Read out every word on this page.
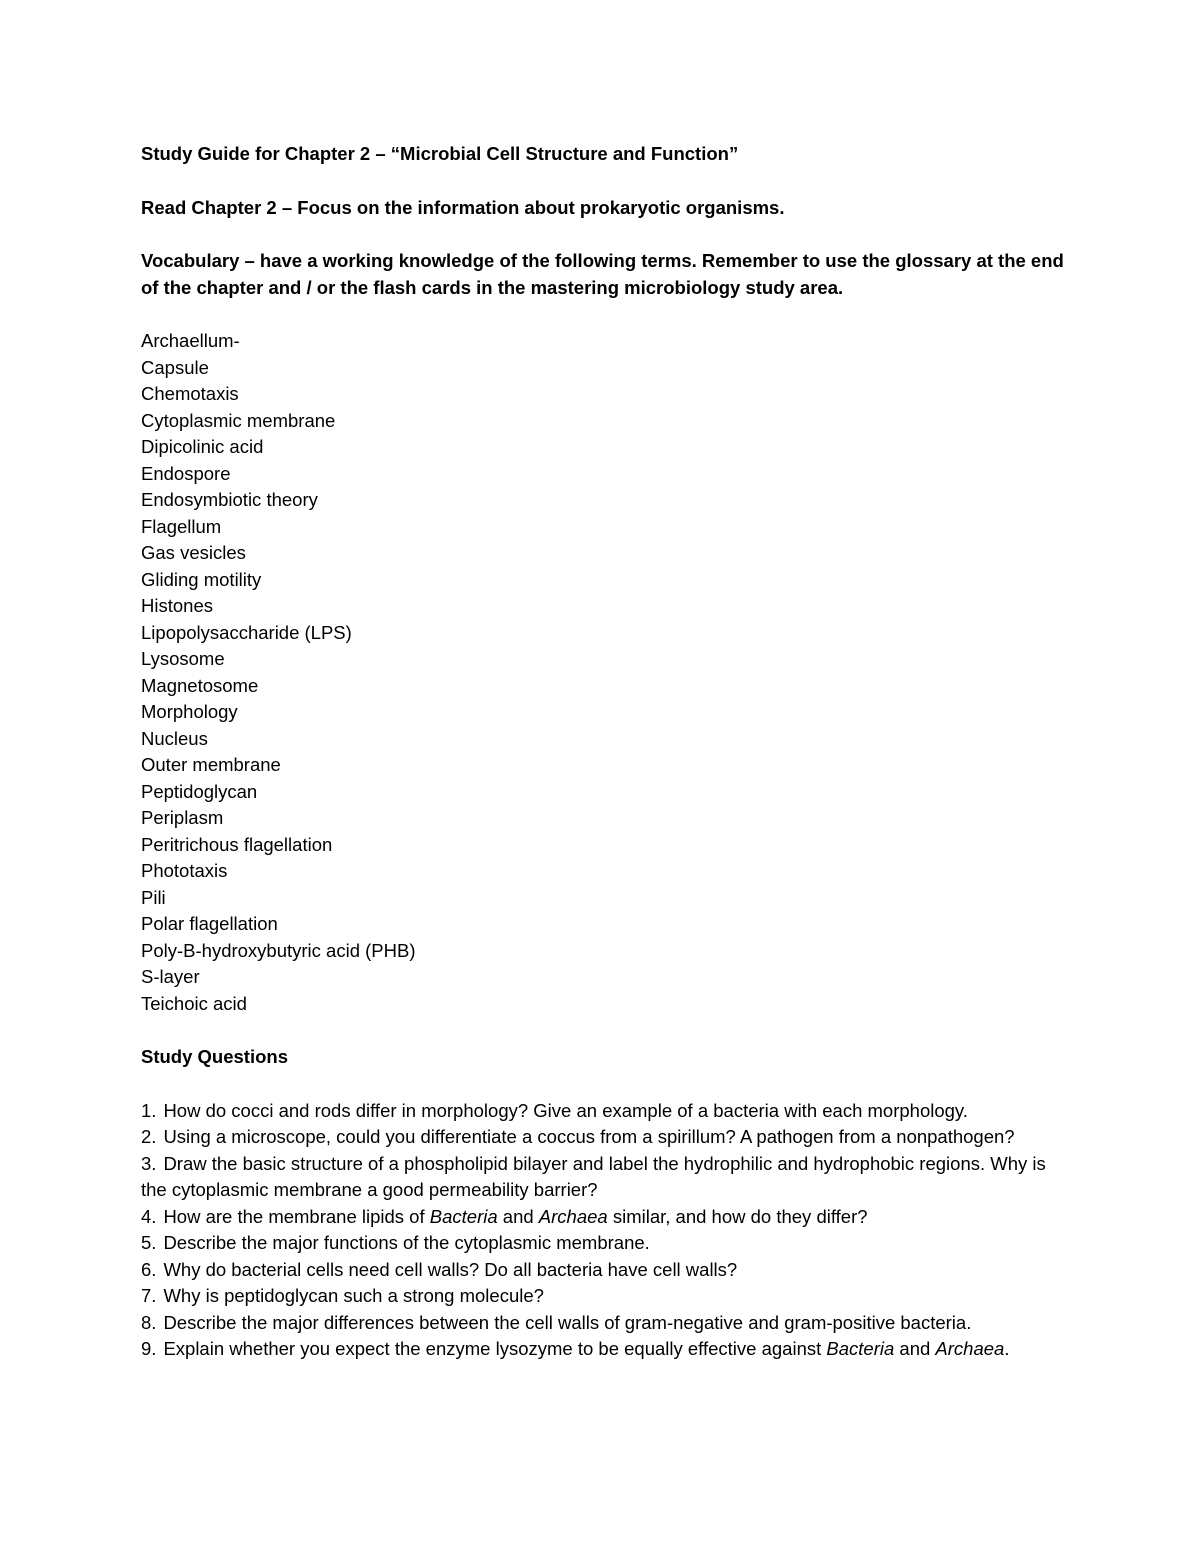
Study Guide for Chapter 2 – “Microbial Cell Structure and Function”

Read Chapter 2 – Focus on the information about prokaryotic organisms.

Vocabulary – have a working knowledge of the following terms. Remember to use the glossary at the end of the chapter and / or the flash cards in the mastering microbiology study area.

Archaellum-
Capsule
Chemotaxis
Cytoplasmic membrane
Dipicolinic acid
Endospore
Endosymbiotic theory
Flagellum
Gas vesicles
Gliding motility
Histones
Lipopolysaccharide (LPS)
Lysosome
Magnetosome
Morphology
Nucleus
Outer membrane
Peptidoglycan
Periplasm
Peritrichous flagellation
Phototaxis
Pili
Polar flagellation
Poly-B-hydroxybutyric acid (PHB)
S-layer
Teichoic acid

Study Questions

1. How do cocci and rods differ in morphology? Give an example of a bacteria with each morphology.
2. Using a microscope, could you differentiate a coccus from a spirillum? A pathogen from a nonpathogen?
3. Draw the basic structure of a phospholipid bilayer and label the hydrophilic and hydrophobic regions. Why is the cytoplasmic membrane a good permeability barrier?
4. How are the membrane lipids of Bacteria and Archaea similar, and how do they differ?
5. Describe the major functions of the cytoplasmic membrane.
6. Why do bacterial cells need cell walls? Do all bacteria have cell walls?
7. Why is peptidoglycan such a strong molecule?
8. Describe the major differences between the cell walls of gram-negative and gram-positive bacteria.
9. Explain whether you expect the enzyme lysozyme to be equally effective against Bacteria and Archaea.
